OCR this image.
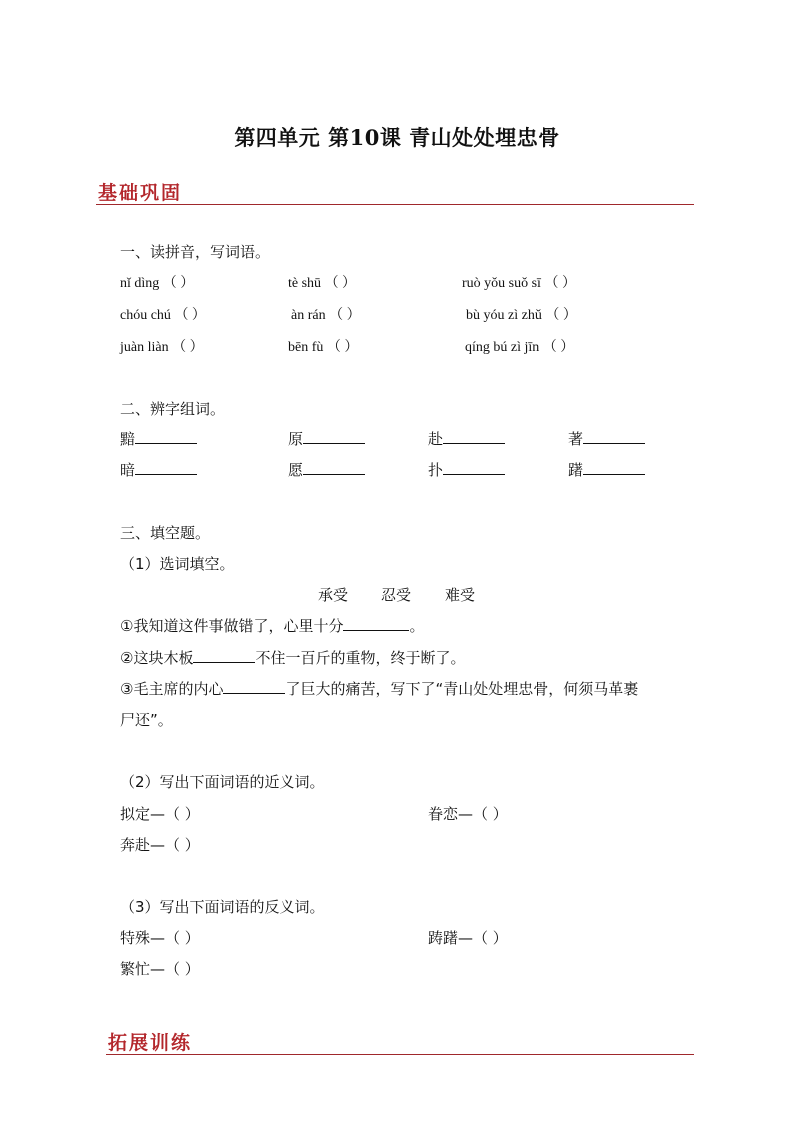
第四单元 第10课 青山处处埋忠骨
基础巩固
一、读拼音，写词语。
nǐ dìng （ ）	tè shū （ ）	ruò yǒu suǒ sī （ ）
chóu chú （ ）	àn rán （ ）	bù yóu zì zhǔ （ ）
juàn liàn （ ）	bēn fù （ ）	qíng bú zì jīn （ ）
二、辨字组词。
黯	原	赴	著
暗	愿	扑	躇
三、填空题。
（1）选词填空。
承受 忍受 难受
①我知道这件事做错了，心里十分	。
②这块木板	不住一百斤的重物，终于断了。
③毛主席的内心	了巨大的痛苦，写下了“青山处处埋忠骨，何须马革裹
尸还”。
（2）写出下面词语的近义词。
拟定—（ ）	眷恋—（ ）
奔赴—（ ）
（3）写出下面词语的反义词。
特殊—（ ）	踌躇—（ ）
繁忙—（ ）
拓展训练
